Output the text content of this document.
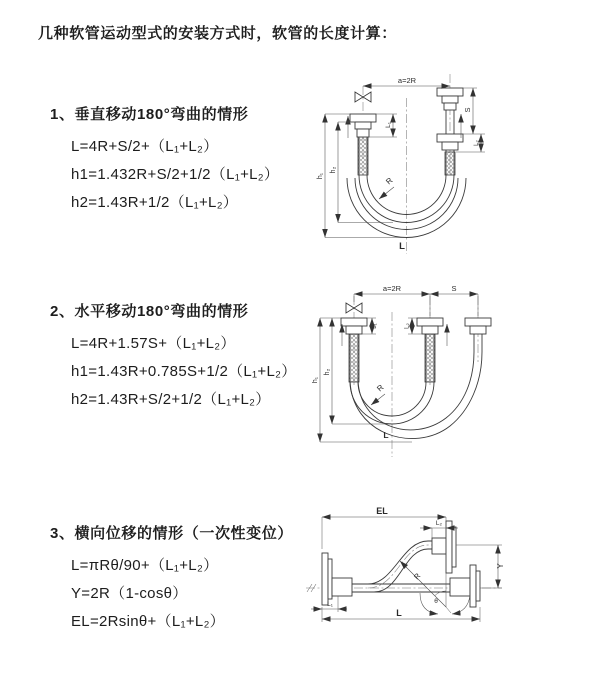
几种软管运动型式的安装方式时，软管的长度计算：
1、垂直移动180°弯曲的情形
L=4R+S/2+（L₁+L₂）
h1=1.432R+S/2+1/2（L₁+L₂）
h2=1.43R+1/2（L₁+L₂）
2、水平移动180°弯曲的情形
L=4R+1.57S+（L₁+L₂）
h1=1.43R+0.785S+1/2（L₁+L₂）
h2=1.43R+S/2+1/2（L₁+L₂）
3、横向位移的情形（一次性变位）
L=πRθ/90+（L₁+L₂）
Y=2R（1-cosθ）
EL=2Rsinθ+（L₁+L₂）
a=2R
h₁
h₂
L₁
S
L₂
R
L
a=2R	S
h₁
h₂
L₁	L₂
R
L
R
θ
EL
L₂
Y
L₁
L
